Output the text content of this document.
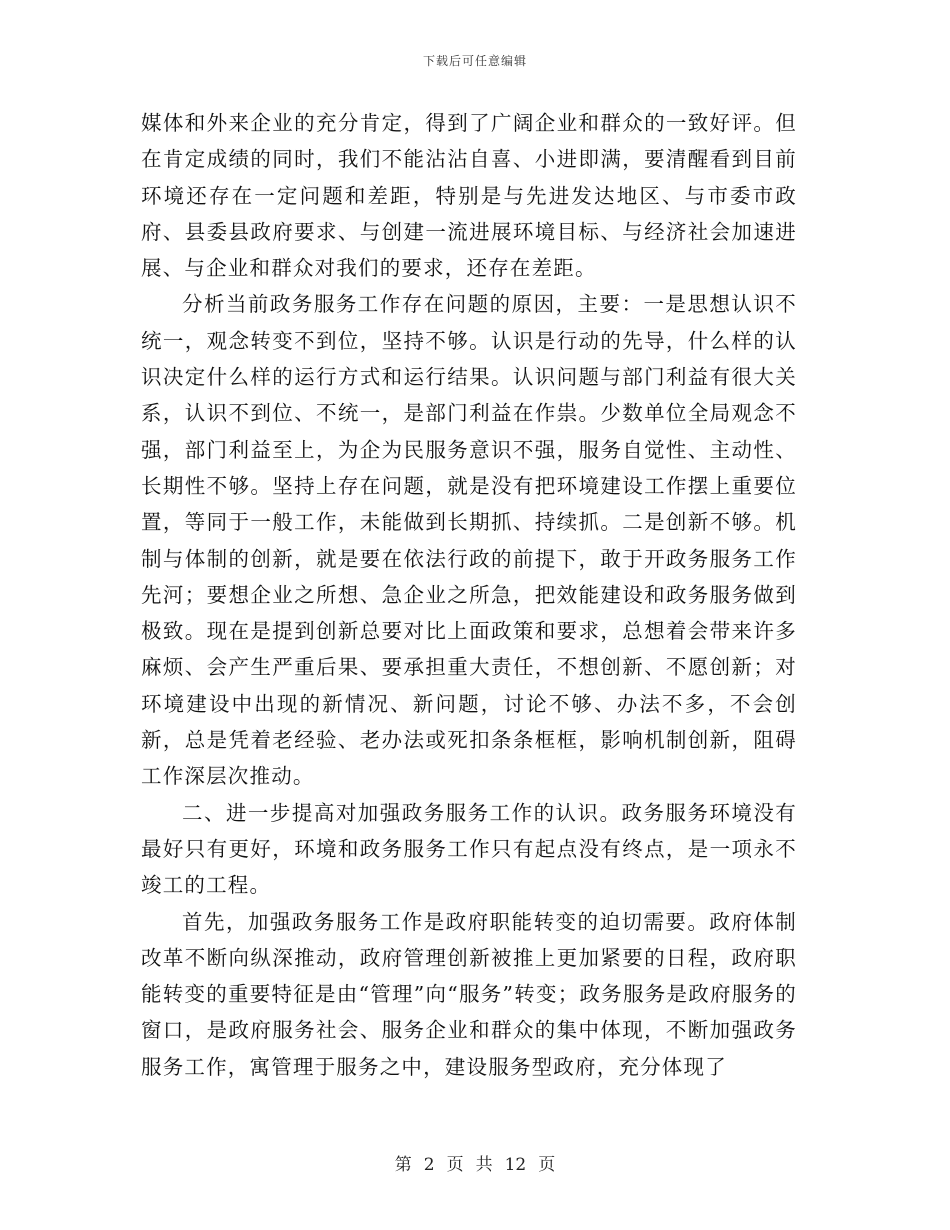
下载后可任意编辑

媒体和外来企业的充分肯定，得到了广阔企业和群众的一致好评。但在肯定成绩的同时，我们不能沾沾自喜、小进即满，要清醒看到目前环境还存在一定问题和差距，特别是与先进发达地区、与市委市政府、县委县政府要求、与创建一流进展环境目标、与经济社会加速进展、与企业和群众对我们的要求，还存在差距。

分析当前政务服务工作存在问题的原因，主要：一是思想认识不统一，观念转变不到位，坚持不够。认识是行动的先导，什么样的认识决定什么样的运行方式和运行结果。认识问题与部门利益有很大关系，认识不到位、不统一，是部门利益在作祟。少数单位全局观念不强，部门利益至上，为企为民服务意识不强，服务自觉性、主动性、长期性不够。坚持上存在问题，就是没有把环境建设工作摆上重要位置，等同于一般工作，未能做到长期抓、持续抓。二是创新不够。机制与体制的创新，就是要在依法行政的前提下，敢于开政务服务工作先河；要想企业之所想、急企业之所急，把效能建设和政务服务做到极致。现在是提到创新总要对比上面政策和要求，总想着会带来许多麻烦、会产生严重后果、要承担重大责任，不想创新、不愿创新；对环境建设中出现的新情况、新问题，讨论不够、办法不多，不会创新，总是凭着老经验、老办法或死扣条条框框，影响机制创新，阻碍工作深层次推动。

二、进一步提高对加强政务服务工作的认识。政务服务环境没有最好只有更好，环境和政务服务工作只有起点没有终点，是一项永不竣工的工程。

首先，加强政务服务工作是政府职能转变的迫切需要。政府体制改革不断向纵深推动，政府管理创新被推上更加紧要的日程，政府职能转变的重要特征是由“管理”向“服务”转变；政务服务是政府服务的窗口，是政府服务社会、服务企业和群众的集中体现，不断加强政务服务工作，寓管理于服务之中，建设服务型政府，充分体现了

第 2 页 共 12 页
